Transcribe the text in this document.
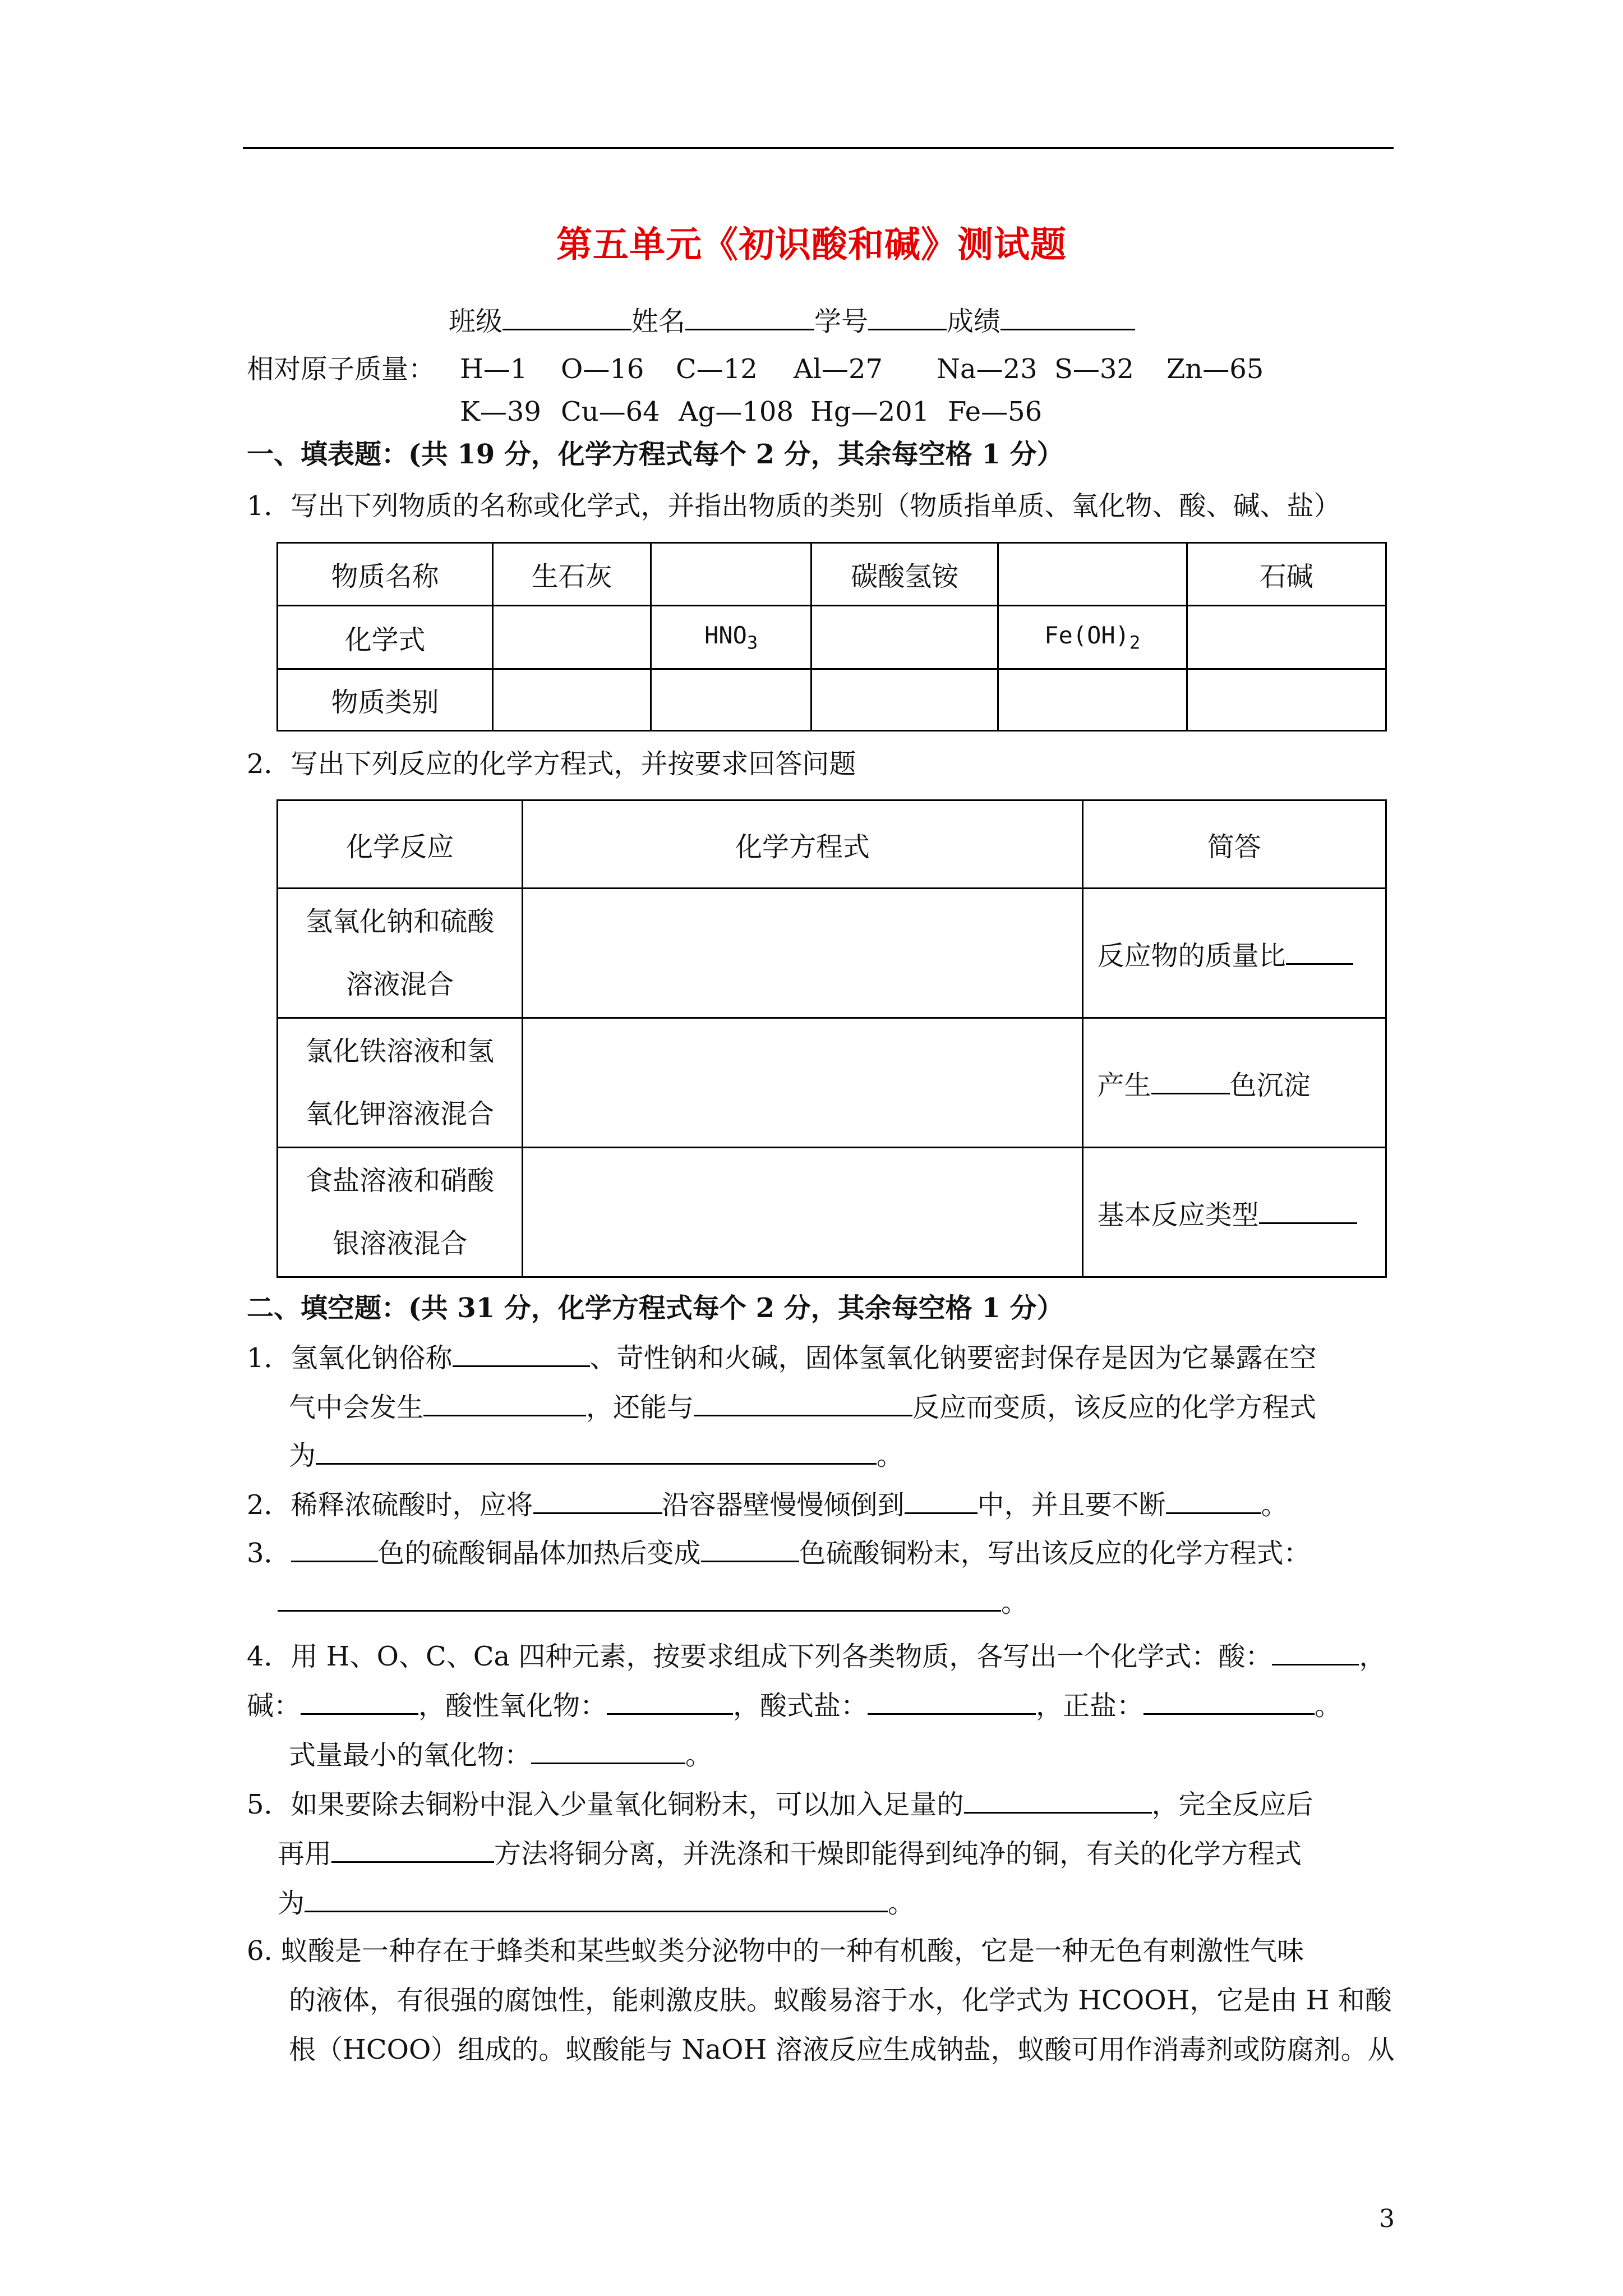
第五单元《初识酸和碱》测试题
班级	姓名	学号	成绩
相对原子质量： H—1 O—16 C—12 Al—27 Na—23 S—32 Zn—65
K—39 Cu—64 Ag—108 Hg—201 Fe—56
一、填表题：(共 19 分，化学方程式每个 2 分，其余每空格 1 分）
1．写出下列物质的名称或化学式，并指出物质的类别（物质指单质、氧化物、酸、碱、盐）
物质名称	生石灰		碳酸氢铵		石碱
化学式		$HNO_3$		$Fe(OH)_2$	
物质类别					
2．写出下列反应的化学方程式，并按要求回答问题
化学反应	化学方程式	简答
氢氧化钠和硫酸
溶液混合		反应物的质量比
氯化铁溶液和氢
氧化钾溶液混合		产生 色沉淀
食盐溶液和硝酸
银溶液混合		基本反应类型
二、填空题：(共 31 分，化学方程式每个 2 分，其余每空格 1 分）
1．氢氧化钠俗称	、苛性钠和火碱，固体氢氧化钠要密封保存是因为它暴露在空
气中会发生	，还能与	反应而变质，该反应的化学方程式
为	。
2．稀释浓硫酸时，应将	沿容器壁慢慢倾倒到	中，并且要不断	。
3．	色的硫酸铜晶体加热后变成	色硫酸铜粉末，写出该反应的化学方程式：
。
4．用 H、O、C、Ca 四种元素，按要求组成下列各类物质，各写出一个化学式：酸：	，
碱：	，酸性氧化物：	，酸式盐：	，正盐：	。
式量最小的氧化物：	。
5．如果要除去铜粉中混入少量氧化铜粉末，可以加入足量的	，完全反应后
再用	方法将铜分离，并洗涤和干燥即能得到纯净的铜，有关的化学方程式
为	。
6. 蚁酸是一种存在于蜂类和某些蚁类分泌物中的一种有机酸，它是一种无色有刺激性气味
的液体，有很强的腐蚀性，能刺激皮肤。蚁酸易溶于水，化学式为 HCOOH，它是由 H 和酸
根（HCOO）组成的。蚁酸能与 NaOH 溶液反应生成钠盐，蚁酸可用作消毒剂或防腐剂。从
3
